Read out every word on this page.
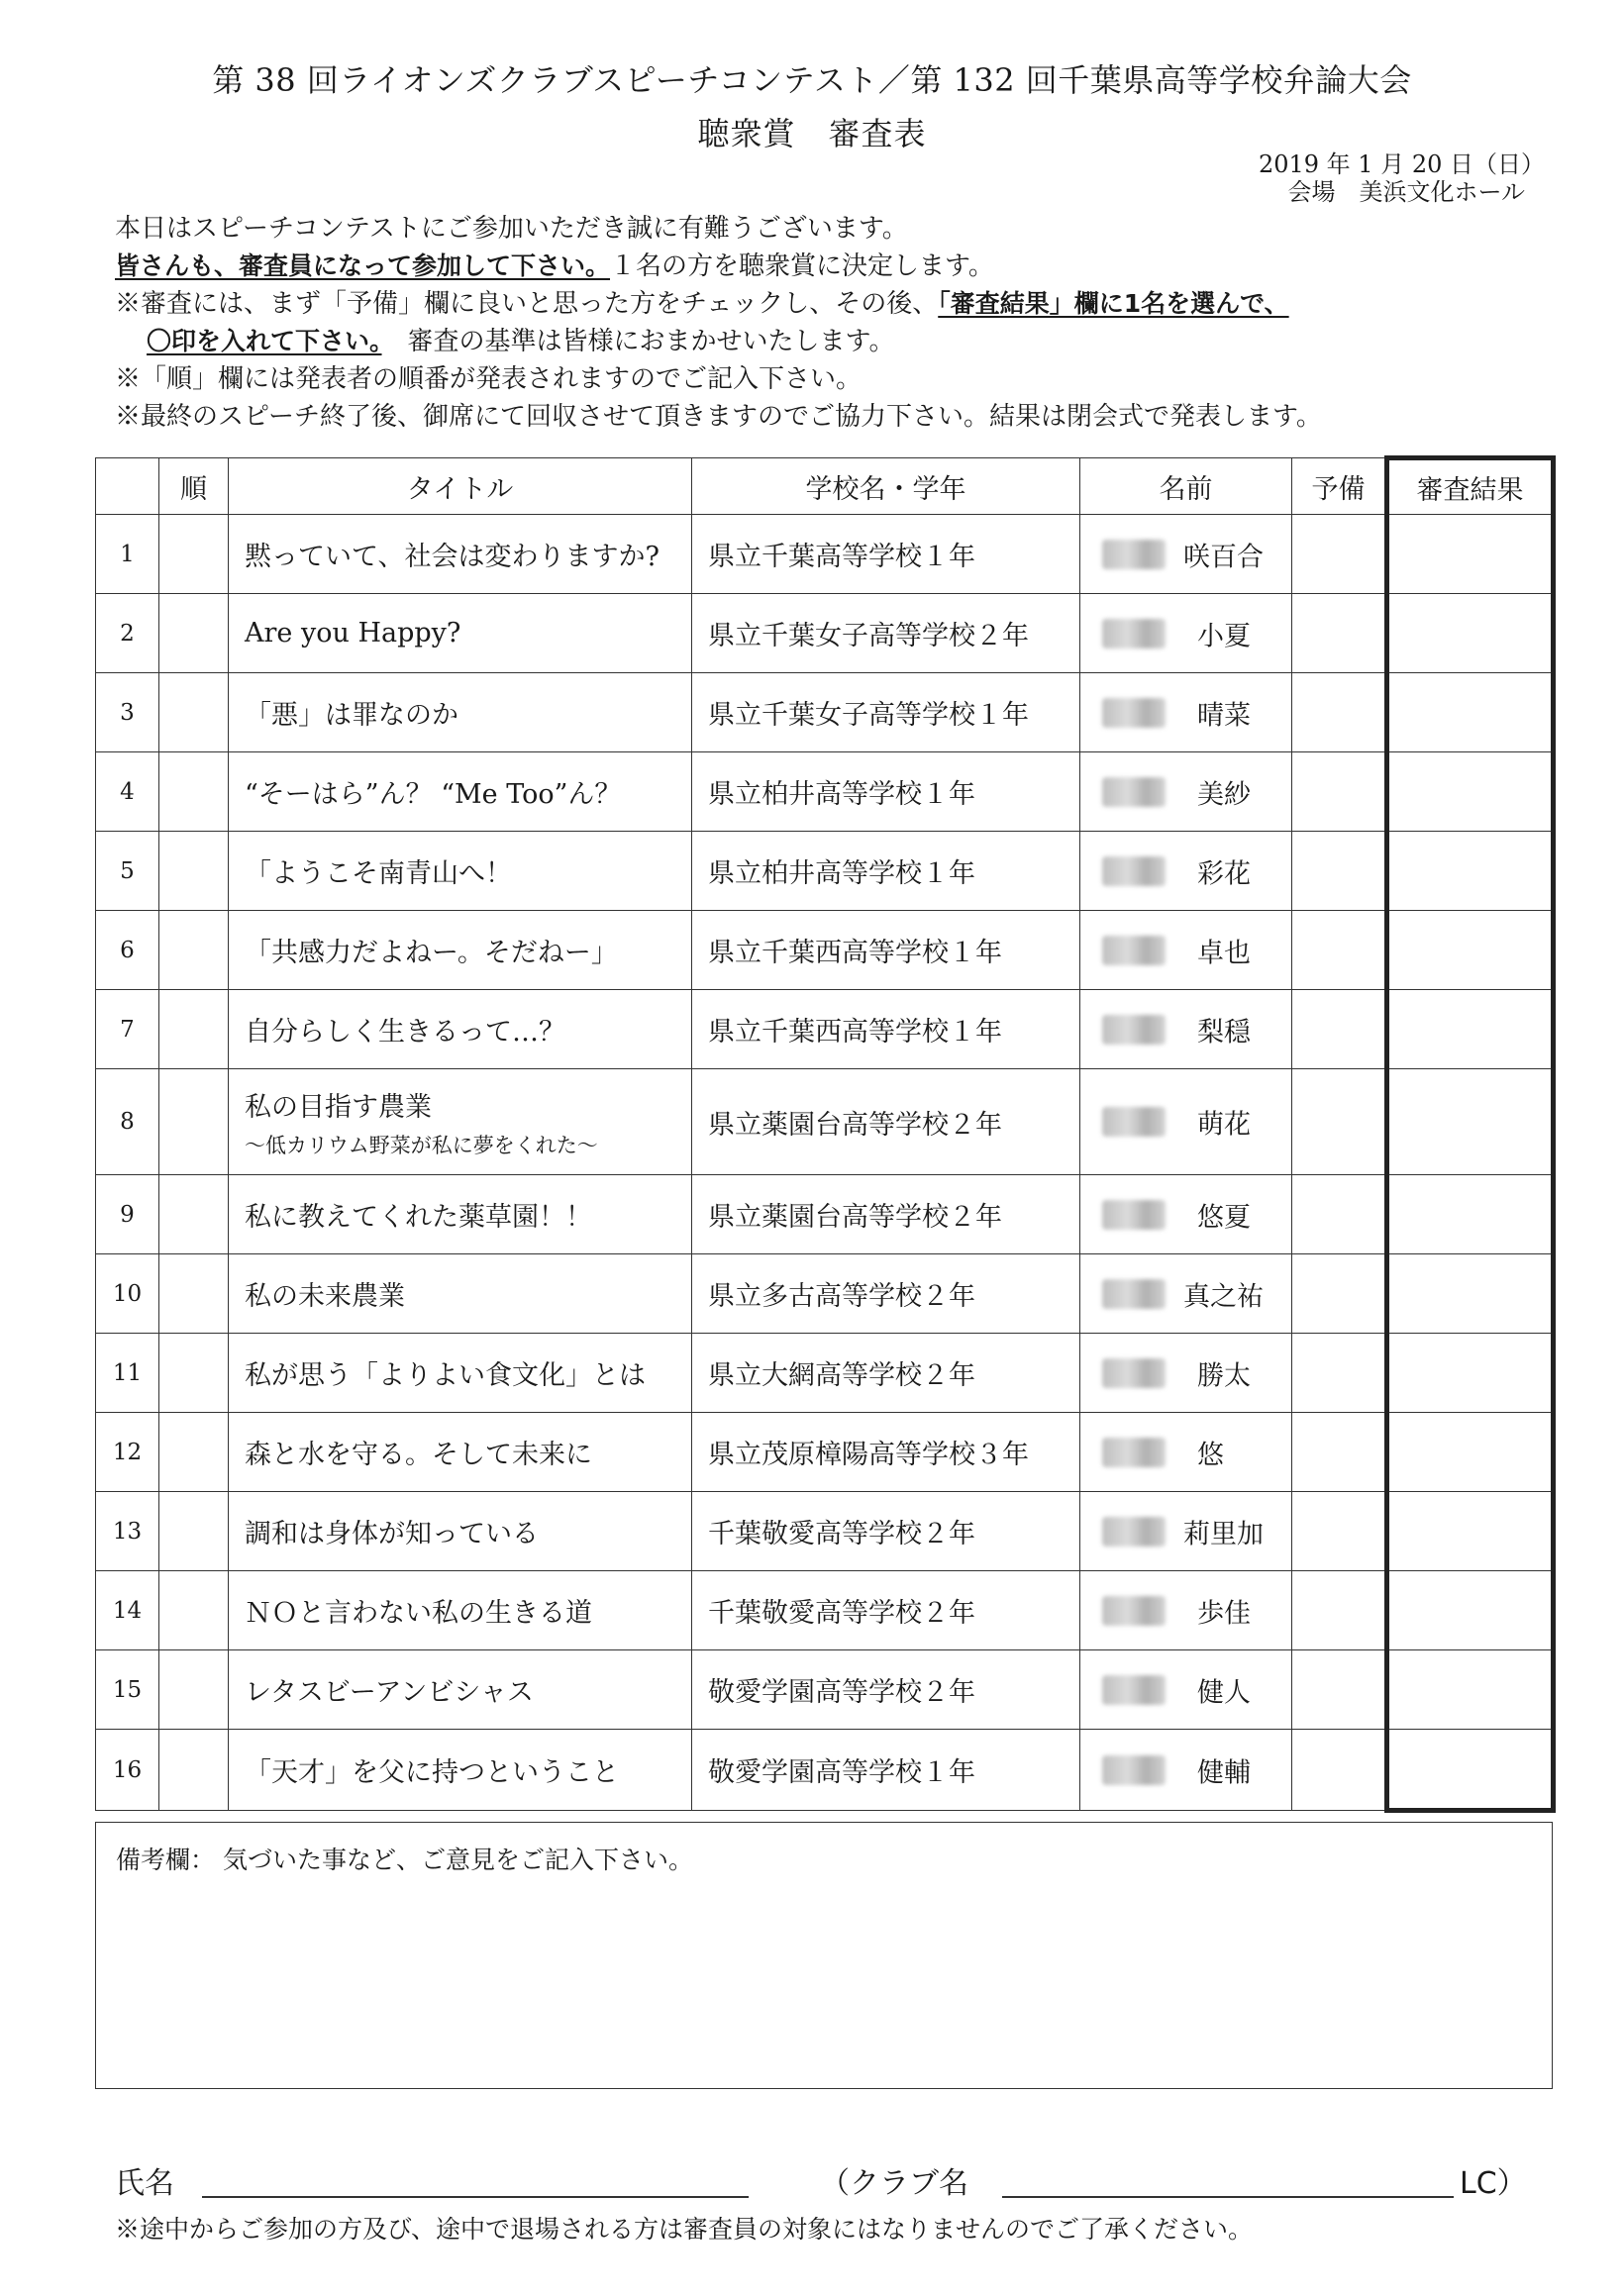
第 38 回ライオンズクラブスピーチコンテスト／第 132 回千葉県高等学校弁論大会
聴衆賞　審査表
2019 年 1 月 20 日（日）
会場　美浜文化ホール
本日はスピーチコンテストにご参加いただき誠に有難うございます。
皆さんも、審査員になって参加して下さい。１名の方を聴衆賞に決定します。
※審査には、まず「予備」欄に良いと思った方をチェックし、その後、「審査結果」欄に1名を選んで、
〇印を入れて下さい。　 審査の基準は皆様におまかせいたします。
※「順」欄には発表者の順番が発表されますのでご記入下さい。
※最終のスピーチ終了後、御席にて回収させて頂きますのでご協力下さい。結果は閉会式で発表します。
	順	タイトル	学校名・学年	名前	予備	審査結果
1		黙っていて、社会は変わりますか?	県立千葉高等学校１年	咲百合		

2		Are you Happy?	県立千葉女子高等学校２年	小夏		

3		「悪」は罪なのか	県立千葉女子高等学校１年	晴菜		

4		“そーはら”ん？ “Me Too”ん？	県立柏井高等学校１年	美紗		

5		「ようこそ南青山へ！	県立柏井高等学校１年	彩花		

6		「共感力だよねー。そだねー」	県立千葉西高等学校１年	卓也		

7		自分らしく生きるって…？	県立千葉西高等学校１年	梨穏		

8		私の目指す農業
～低カリウム野菜が私に夢をくれた～	県立薬園台高等学校２年	萌花		

9		私に教えてくれた薬草園！！	県立薬園台高等学校２年	悠夏		

10		私の未来農業	県立多古高等学校２年	真之祐		

11		私が思う「よりよい食文化」とは	県立大網高等学校２年	勝太		

12		森と水を守る。そして未来に	県立茂原樟陽高等学校３年	悠		

13		調和は身体が知っている	千葉敬愛高等学校２年	莉里加		

14		ＮＯと言わない私の生きる道	千葉敬愛高等学校２年	歩佳		

15		レタスビーアンビシャス	敬愛学園高等学校２年	健人		

16		「天才」を父に持つということ	敬愛学園高等学校１年	健輔		

備考欄： 気づいた事など、ご意見をご記入下さい。
氏名	（クラブ名	LC）
※途中からご参加の方及び、途中で退場される方は審査員の対象にはなりませんのでご了承ください。
